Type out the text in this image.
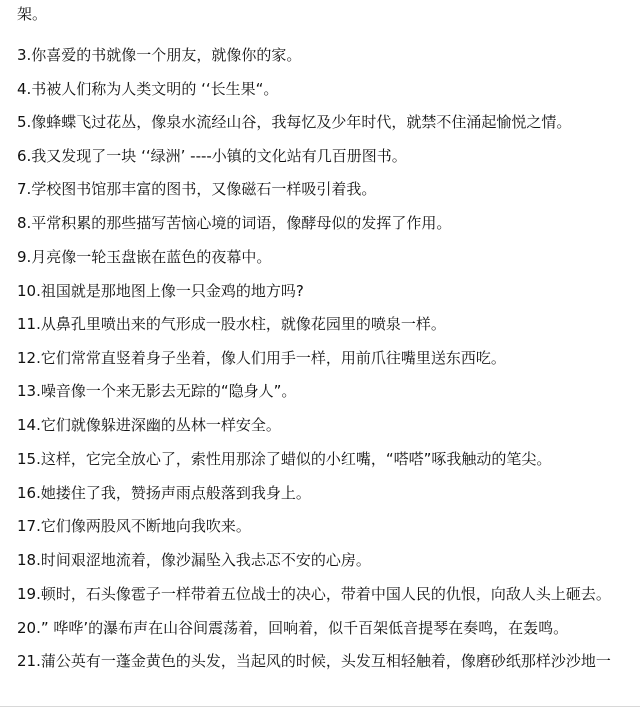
架。
3.你喜爱的书就像一个朋友，就像你的家。
4.书被人们称为人类文明的 ‘‘长生果“。
5.像蜂蝶飞过花丛，像泉水流经山谷，我每忆及少年时代，就禁不住涌起愉悦之情。
6.我又发现了一块 ‘‘绿洲’ ----小镇的文化站有几百册图书。
7.学校图书馆那丰富的图书，又像磁石一样吸引着我。
8.平常积累的那些描写苦恼心境的词语，像酵母似的发挥了作用。
9.月亮像一轮玉盘嵌在蓝色的夜幕中。
10.祖国就是那地图上像一只金鸡的地方吗?
11.从鼻孔里喷出来的气形成一股水柱，就像花园里的喷泉一样。
12.它们常常直竖着身子坐着，像人们用手一样，用前爪往嘴里送东西吃。
13.噪音像一个来无影去无踪的“隐身人”。
14.它们就像躲进深幽的丛林一样安全。
15.这样，它完全放心了，索性用那涂了蜡似的小红嘴，“嗒嗒”啄我触动的笔尖。
16.她搂住了我，赞扬声雨点般落到我身上。
17.它们像两股风不断地向我吹来。
18.时间艰涩地流着，像沙漏坠入我忐忑不安的心房。
19.顿时，石头像雹子一样带着五位战士的决心，带着中国人民的仇恨，向敌人头上砸去。
20.” 哗哗’的瀑布声在山谷间震荡着，回响着，似千百架低音提琴在奏鸣，在轰鸣。
21.蒲公英有一蓬金黄色的头发，当起风的时候，头发互相轻触着，像磨砂纸那样沙沙地一
